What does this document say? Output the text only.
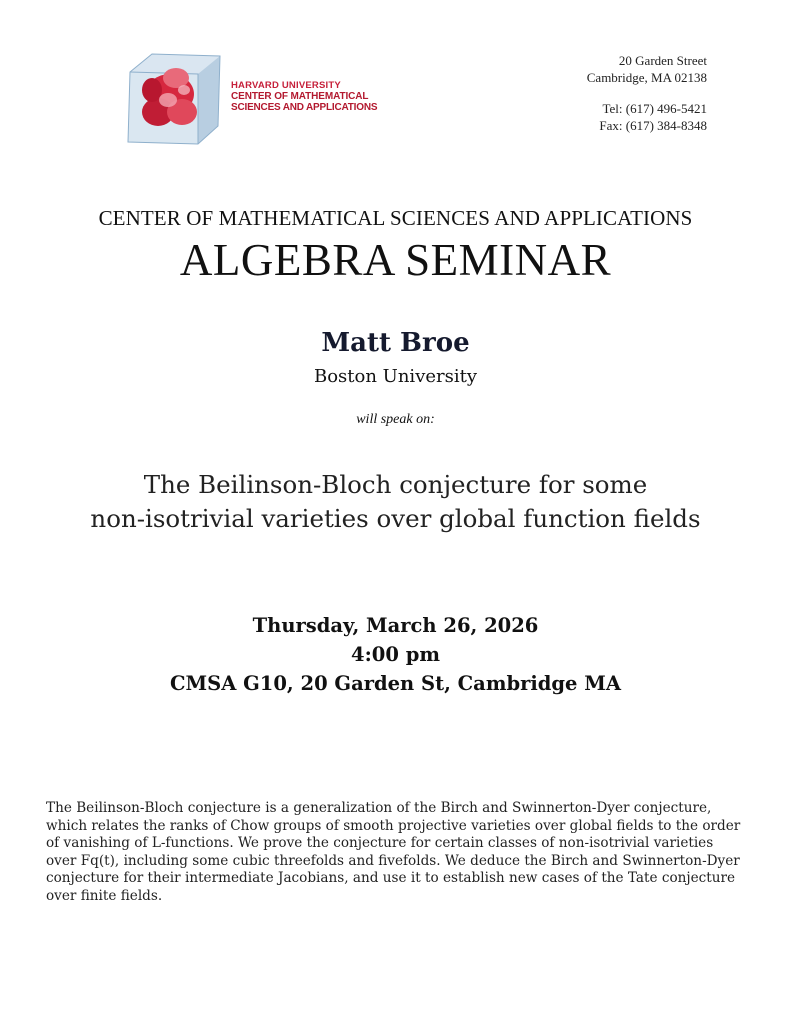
HARVARD UNIVERSITY
CENTER OF MATHEMATICAL
SCIENCES AND APPLICATIONS
20 Garden Street
Cambridge, MA 02138
Tel: (617) 496-5421
Fax: (617) 384-8348
CENTER OF MATHEMATICAL SCIENCES AND APPLICATIONS
ALGEBRA SEMINAR
Matt Broe
Boston University
will speak on:
The Beilinson-Bloch conjecture for some
non-isotrivial varieties over global function fields
Thursday, March 26, 2026
4:00 pm
CMSA G10, 20 Garden St, Cambridge MA
The Beilinson-Bloch conjecture is a generalization of the Birch and Swinnerton-Dyer conjecture, which relates the ranks of Chow groups of smooth projective varieties over global fields to the order of vanishing of L-functions. We prove the conjecture for certain classes of non-isotrivial varieties over Fq(t), including some cubic threefolds and fivefolds. We deduce the Birch and Swinnerton-Dyer conjecture for their intermediate Jacobians, and use it to establish new cases of the Tate conjecture over finite fields.
